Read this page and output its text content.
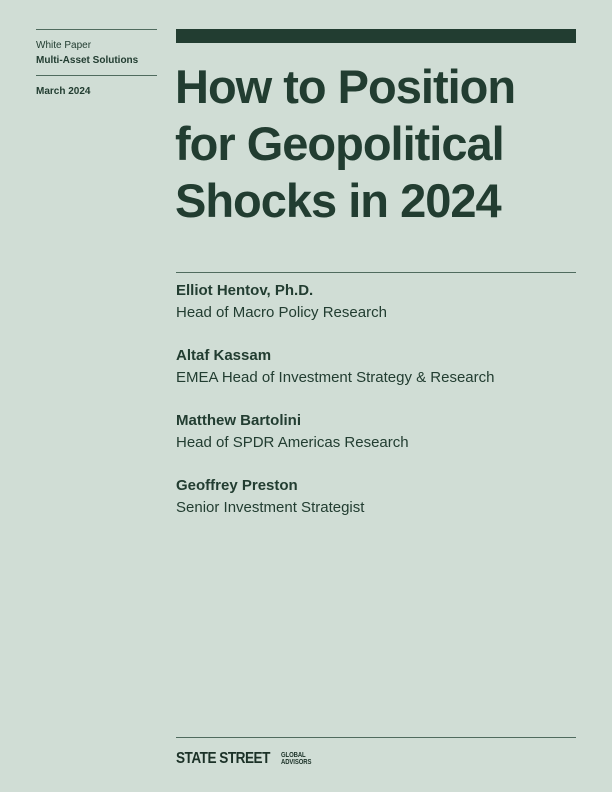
White Paper
Multi-Asset Solutions
March 2024	How to Position
for Geopolitical
Shocks in 2024
Elliot Hentov, Ph.D.
Head of Macro Policy Research
Altaf Kassam
EMEA Head of Investment Strategy & Research
Matthew Bartolini
Head of SPDR Americas Research
Geoffrey Preston
Senior Investment Strategist
STATE STREET GLOBAL
ADVISORS
